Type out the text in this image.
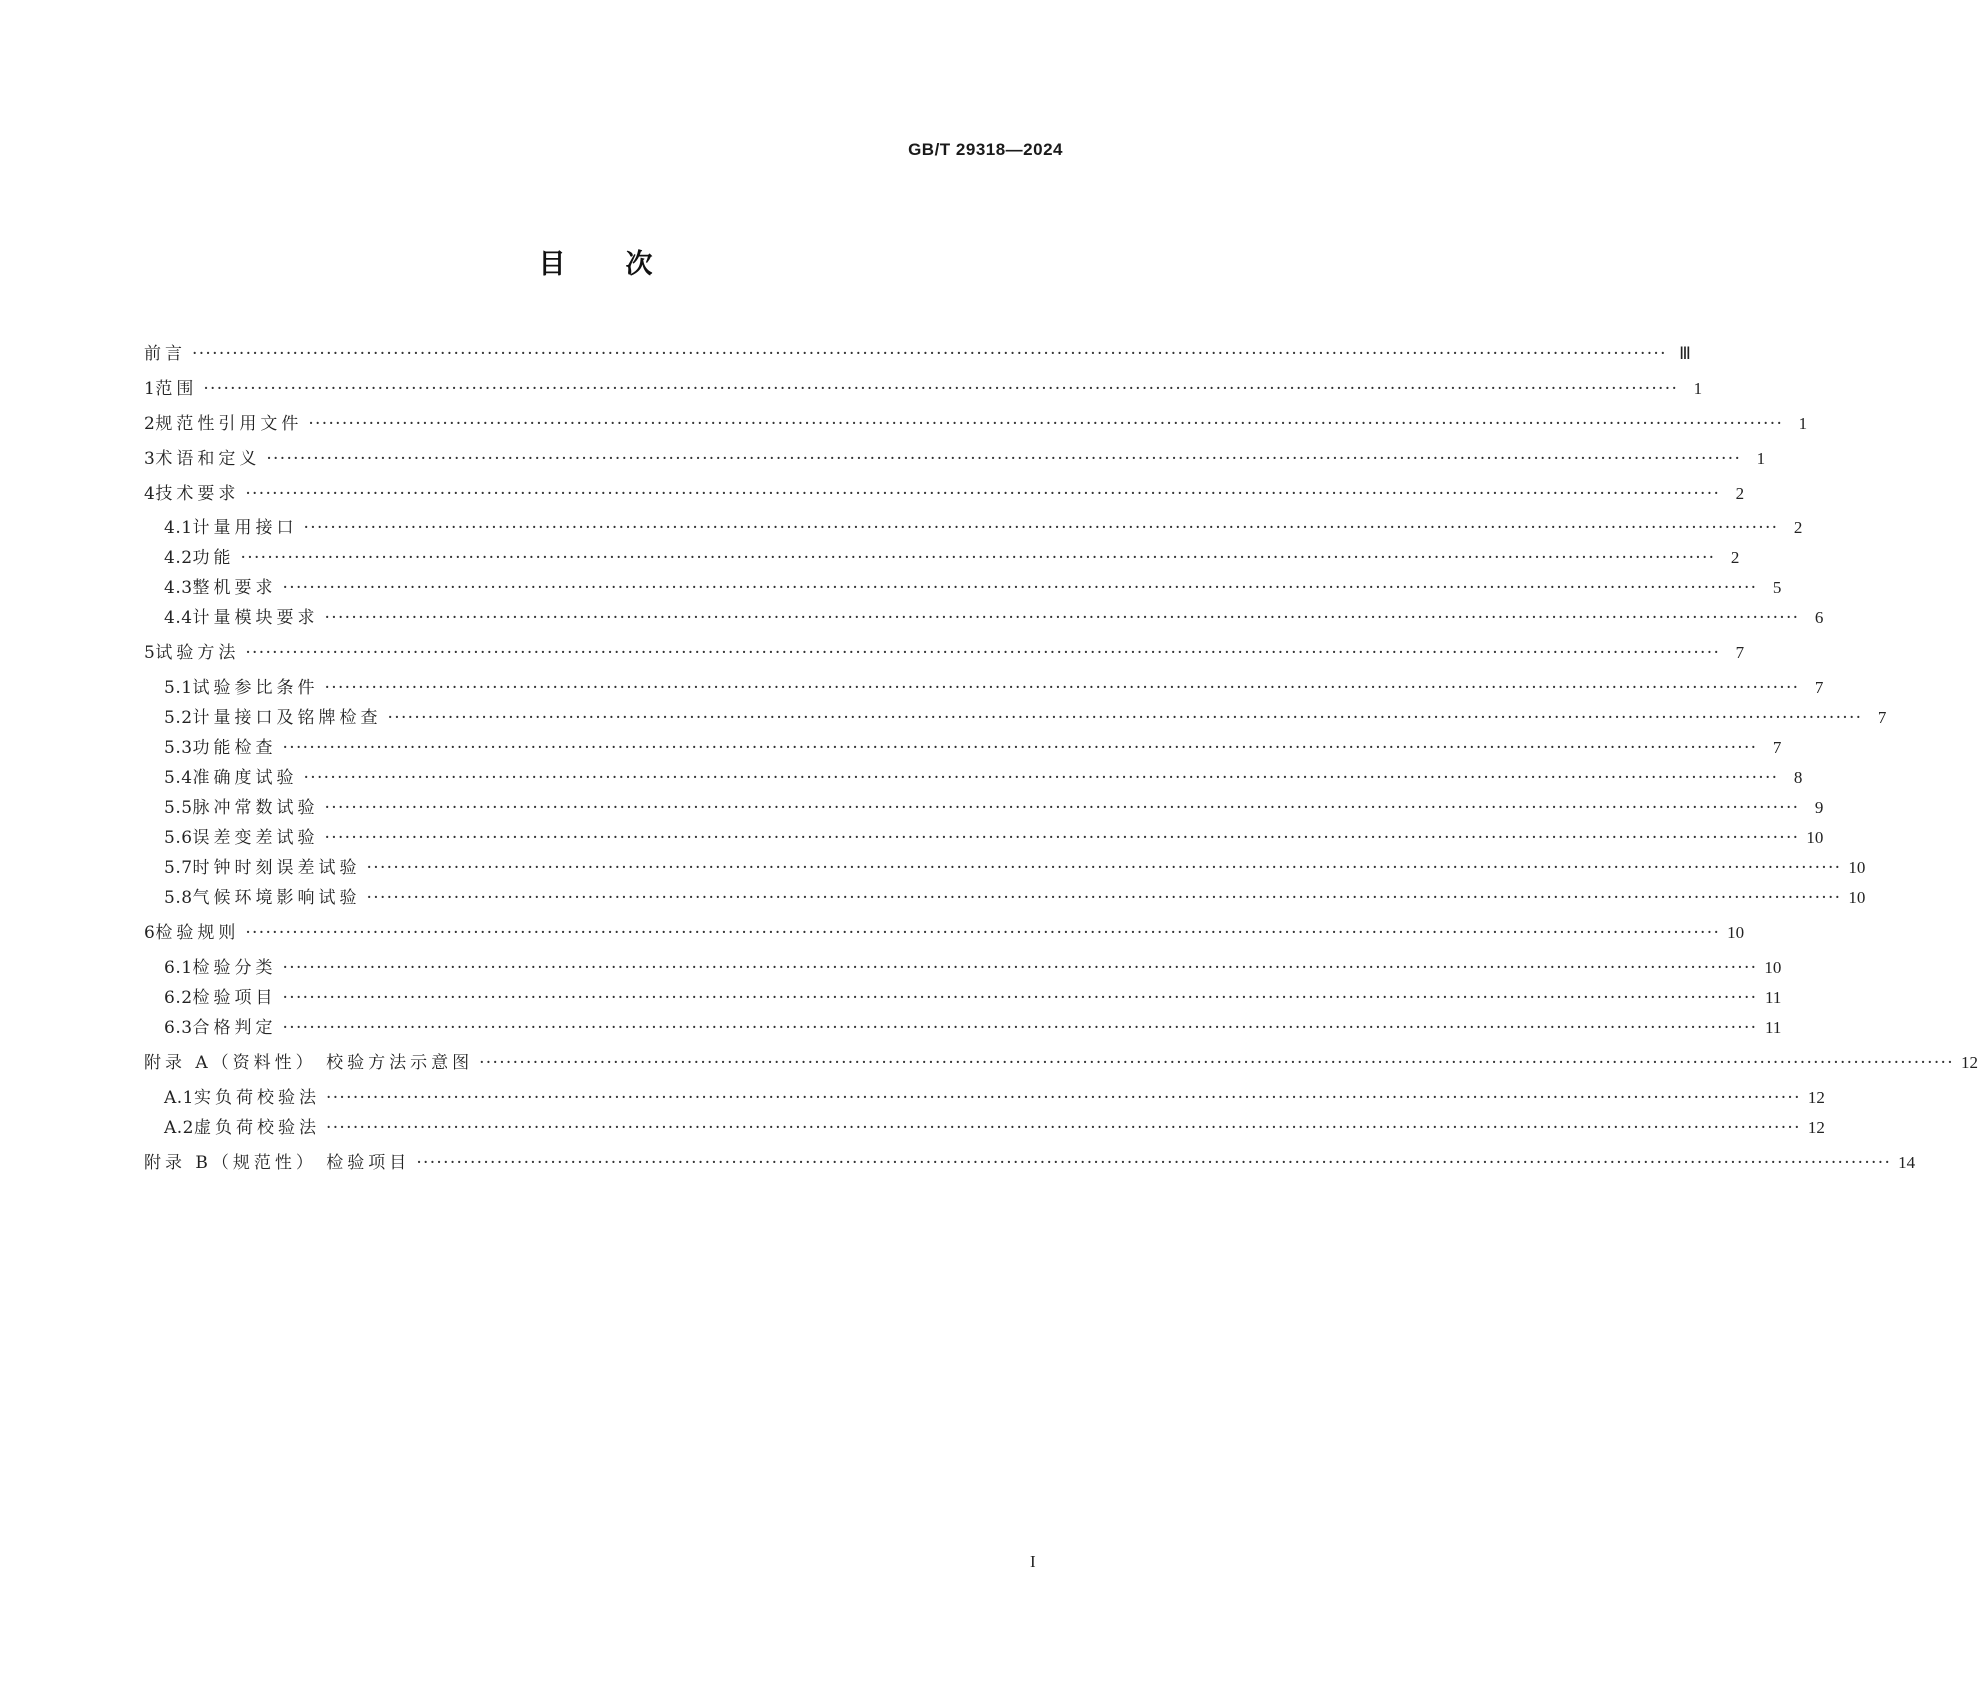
GB/T 29318—2024
目 次
前言 ···························································································································································································································· Ⅲ
1 范围 ···························································································································································································································· 1
2 规范性引用文件 ···························································································································································································································· 1
3 术语和定义 ···························································································································································································································· 1
4 技术要求 ···························································································································································································································· 2
4.1 计量用接口 ···························································································································································································································· 2
4.2 功能 ···························································································································································································································· 2
4.3 整机要求 ···························································································································································································································· 5
4.4 计量模块要求 ···························································································································································································································· 6
5 试验方法 ···························································································································································································································· 7
5.1 试验参比条件 ···························································································································································································································· 7
5.2 计量接口及铭牌检查 ···························································································································································································································· 7
5.3 功能检查 ···························································································································································································································· 7
5.4 准确度试验 ···························································································································································································································· 8
5.5 脉冲常数试验 ···························································································································································································································· 9
5.6 误差变差试验 ···························································································································································································································· 10
5.7 时钟时刻误差试验 ···························································································································································································································· 10
5.8 气候环境影响试验 ···························································································································································································································· 10
6 检验规则 ···························································································································································································································· 10
6.1 检验分类 ···························································································································································································································· 10
6.2 检验项目 ···························································································································································································································· 11
6.3 合格判定 ···························································································································································································································· 11
附录 A（资料性） 校验方法示意图 ···························································································································································································································· 12
A.1 实负荷校验法 ···························································································································································································································· 12
A.2 虚负荷校验法 ···························································································································································································································· 12
附录 B（规范性） 检验项目 ···························································································································································································································· 14
I
